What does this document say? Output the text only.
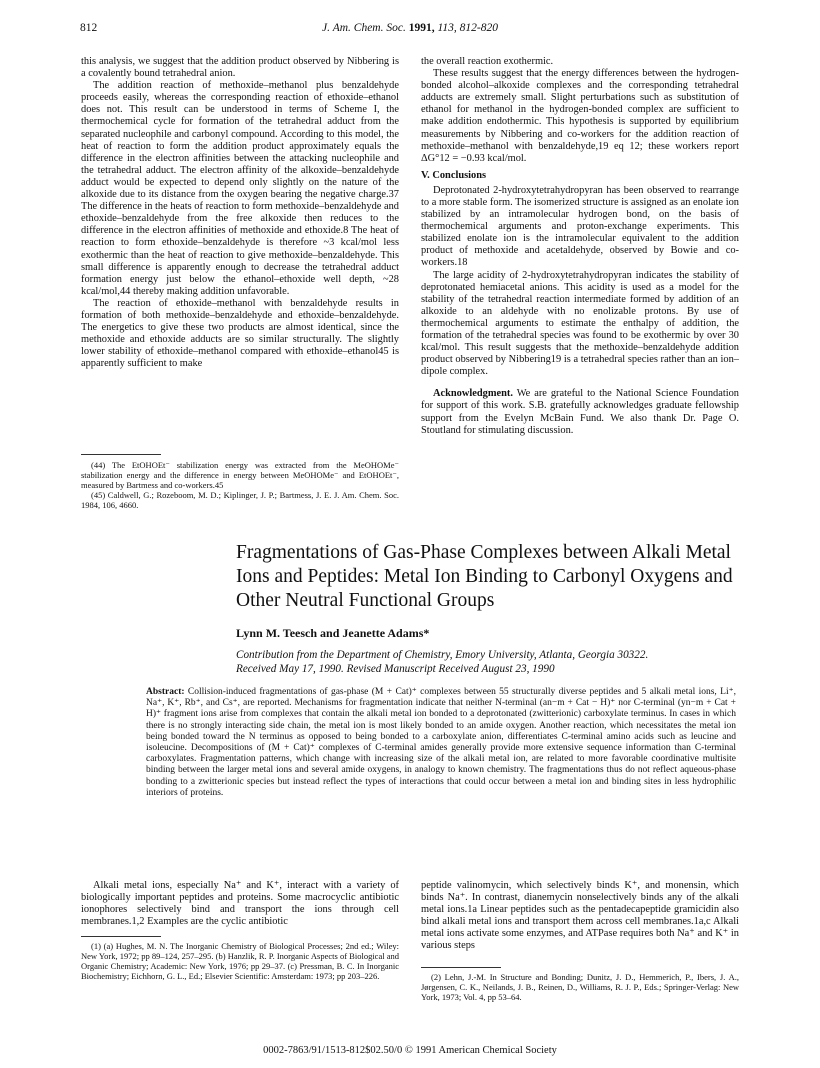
812	J. Am. Chem. Soc. 1991, 113, 812-820

this analysis, we suggest that the addition product observed by Nibbering is a covalently bound tetrahedral anion.

The addition reaction of methoxide–methanol plus benzaldehyde proceeds easily, whereas the corresponding reaction of ethoxide–ethanol does not. This result can be understood in terms of Scheme I, the thermochemical cycle for formation of the tetrahedral adduct from the separated nucleophile and carbonyl compound. According to this model, the heat of reaction to form the addition product approximately equals the difference in the electron affinities between the attacking nucleophile and the tetrahedral adduct. The electron affinity of the alkoxide–benzaldehyde adduct would be expected to depend only slightly on the nature of the alkoxide due to its distance from the oxygen bearing the negative charge.37 The difference in the heats of reaction to form methoxide–benzaldehyde and ethoxide–benzaldehyde from the free alkoxide then reduces to the difference in the electron affinities of methoxide and ethoxide.8 The heat of reaction to form ethoxide–benzaldehyde is therefore ~3 kcal/mol less exothermic than the heat of reaction to give methoxide–benzaldehyde. This small difference is apparently enough to decrease the tetrahedral adduct formation energy just below the ethanol–ethoxide well depth, ~28 kcal/mol,44 thereby making addition unfavorable.

The reaction of ethoxide–methanol with benzaldehyde results in formation of both methoxide–benzaldehyde and ethoxide–benzaldehyde. The energetics to give these two products are almost identical, since the methoxide and ethoxide adducts are so similar structurally. The slightly lower stability of ethoxide–methanol compared with ethoxide–ethanol45 is apparently sufficient to make

(44) The EtOHOEt⁻ stabilization energy was extracted from the MeOHOMe⁻ stabilization energy and the difference in energy between MeOHOMe⁻ and EtOHOEt⁻, measured by Bartmess and co-workers.45

(45) Caldwell, G.; Rozeboom, M. D.; Kiplinger, J. P.; Bartmess, J. E. J. Am. Chem. Soc. 1984, 106, 4660.

the overall reaction exothermic.

These results suggest that the energy differences between the hydrogen-bonded alcohol–alkoxide complexes and the corresponding tetrahedral adducts are extremely small. Slight perturbations such as substitution of ethanol for methanol in the hydrogen-bonded complex are sufficient to make addition endothermic. This hypothesis is supported by equilibrium measurements by Nibbering and co-workers for the addition reaction of methoxide–methanol with benzaldehyde,19 eq 12; these workers report ΔG°12 = −0.93 kcal/mol.

V. Conclusions

Deprotonated 2-hydroxytetrahydropyran has been observed to rearrange to a more stable form. The isomerized structure is assigned as an enolate ion stabilized by an intramolecular hydrogen bond, on the basis of thermochemical arguments and proton-exchange experiments. This stabilized enolate ion is the intramolecular equivalent to the addition product of methoxide and acetaldehyde, observed by Bowie and co-workers.18

The large acidity of 2-hydroxytetrahydropyran indicates the stability of deprotonated hemiacetal anions. This acidity is used as a model for the stability of the tetrahedral reaction intermediate formed by addition of an alkoxide to an aldehyde with no enolizable protons. By use of thermochemical arguments to estimate the enthalpy of addition, the formation of the tetrahedral species was found to be exothermic by over 30 kcal/mol. This result suggests that the methoxide–benzaldehyde addition product observed by Nibbering19 is a tetrahedral species rather than an ion–dipole complex.

Acknowledgment. We are grateful to the National Science Foundation for support of this work. S.B. gratefully acknowledges graduate fellowship support from the Evelyn McBain Fund. We also thank Dr. Page O. Stoutland for stimulating discussion.

Fragmentations of Gas-Phase Complexes between Alkali Metal Ions and Peptides: Metal Ion Binding to Carbonyl Oxygens and Other Neutral Functional Groups
Lynn M. Teesch and Jeanette Adams*
Contribution from the Department of Chemistry, Emory University, Atlanta, Georgia 30322.
Received May 17, 1990. Revised Manuscript Received August 23, 1990

Abstract: Collision-induced fragmentations of gas-phase (M + Cat)⁺ complexes between 55 structurally diverse peptides and 5 alkali metal ions, Li⁺, Na⁺, K⁺, Rb⁺, and Cs⁺, are reported. Mechanisms for fragmentation indicate that neither N-terminal (an−m + Cat − H)⁺ nor C-terminal (yn−m + Cat + H)⁺ fragment ions arise from complexes that contain the alkali metal ion bonded to a deprotonated (zwitterionic) carboxylate terminus. In cases in which there is no strongly interacting side chain, the metal ion is most likely bonded to an amide oxygen. Another reaction, which necessitates the metal ion being bonded toward the N terminus as opposed to being bonded to a carboxylate anion, differentiates C-terminal amino acids such as leucine and isoleucine. Decompositions of (M + Cat)⁺ complexes of C-terminal amides generally provide more extensive sequence information than C-terminal carboxylates. Fragmentation patterns, which change with increasing size of the alkali metal ion, are related to more favorable coordinative multisite binding between the larger metal ions and several amide oxygens, in analogy to known chemistry. The fragmentations thus do not reflect aqueous-phase bonding to a zwitterionic species but instead reflect the types of interactions that could occur between a metal ion and binding sites in less hydrophilic interiors of proteins.

Alkali metal ions, especially Na⁺ and K⁺, interact with a variety of biologically important peptides and proteins. Some macrocyclic antibiotic ionophores selectively bind and transport the ions through cell membranes.1,2 Examples are the cyclic antibiotic

(1) (a) Hughes, M. N. The Inorganic Chemistry of Biological Processes; 2nd ed.; Wiley: New York, 1972; pp 89–124, 257–295. (b) Hanzlik, R. P. Inorganic Aspects of Biological and Organic Chemistry; Academic: New York, 1976; pp 29–37. (c) Pressman, B. C. In Inorganic Biochemistry; Eichhorn, G. L., Ed.; Elsevier Scientific: Amsterdam: 1973; pp 203–226.

peptide valinomycin, which selectively binds K⁺, and monensin, which binds Na⁺. In contrast, dianemycin nonselectively binds any of the alkali metal ions.1a Linear peptides such as the pentadecapeptide gramicidin also bind alkali metal ions and transport them across cell membranes.1a,c Alkali metal ions activate some enzymes, and ATPase requires both Na⁺ and K⁺ in various steps

(2) Lehn, J.-M. In Structure and Bonding; Dunitz, J. D., Hemmerich, P., Ibers, J. A., Jørgensen, C. K., Neilands, J. B., Reinen, D., Williams, R. J. P., Eds.; Springer-Verlag: New York, 1973; Vol. 4, pp 53–64.

0002-7863/91/1513-812$02.50/0 © 1991 American Chemical Society
